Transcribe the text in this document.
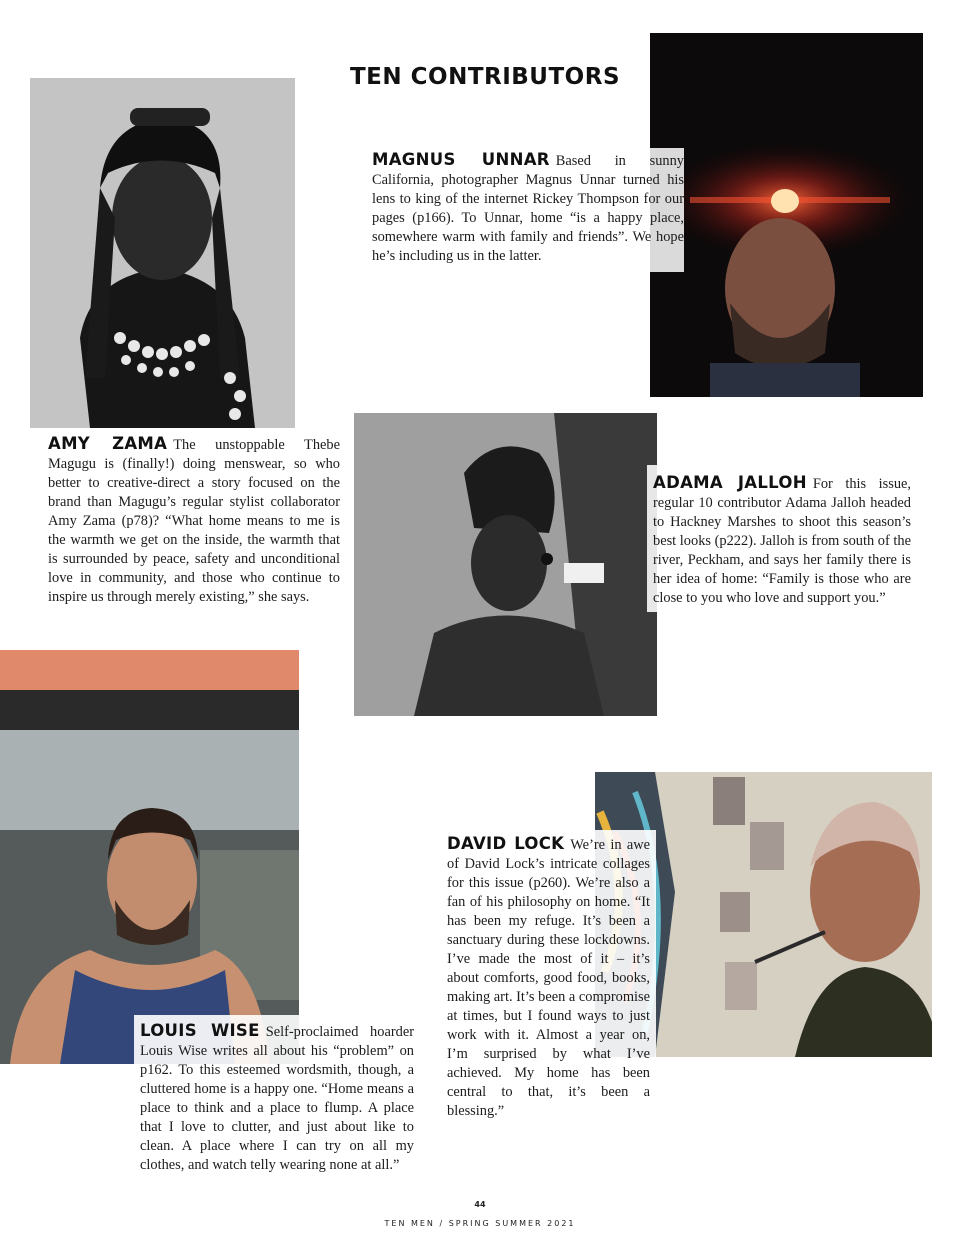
TEN CONTRIBUTORS
MAGNUS UNNAR Based in sunny California, photographer Magnus Unnar turned his lens to king of the internet Rickey Thompson for our pages (p166). To Unnar, home “is a happy place, somewhere warm with family and friends”. We hope he’s including us in the latter.
AMY ZAMA The unstoppable Thebe Magugu is (finally!) doing menswear, so who better to creative-direct a story focused on the brand than Magugu’s regular stylist collaborator Amy Zama (p78)? “What home means to me is the warmth we get on the inside, the warmth that is surrounded by peace, safety and unconditional love in community, and those who continue to inspire us through merely existing,” she says.
ADAMA JALLOH For this issue, regular 10 contributor Adama Jalloh headed to Hackney Marshes to shoot this season’s best looks (p222). Jalloh is from south of the river, Peckham, and says her family there is her idea of home: “Family is those who are close to you who love and support you.”
DAVID LOCK We’re in awe of David Lock’s intricate collages for this issue (p260). We’re also a fan of his philosophy on home. “It has been my refuge. It’s been a sanctuary during these lockdowns. I’ve made the most of it – it’s about comforts, good food, books, making art. It’s been a compromise at times, but I found ways to just work with it. Almost a year on, I’m surprised by what I’ve achieved. My home has been central to that, it’s been a blessing.”
LOUIS WISE Self-proclaimed hoarder Louis Wise writes all about his “problem” on p162. To this esteemed wordsmith, though, a cluttered home is a happy one. “Home means a place to think and a place to flump. A place that I love to clutter, and just about like to clean. A place where I can try on all my clothes, and watch telly wearing none at all.”
44
TEN MEN / SPRING SUMMER 2021
